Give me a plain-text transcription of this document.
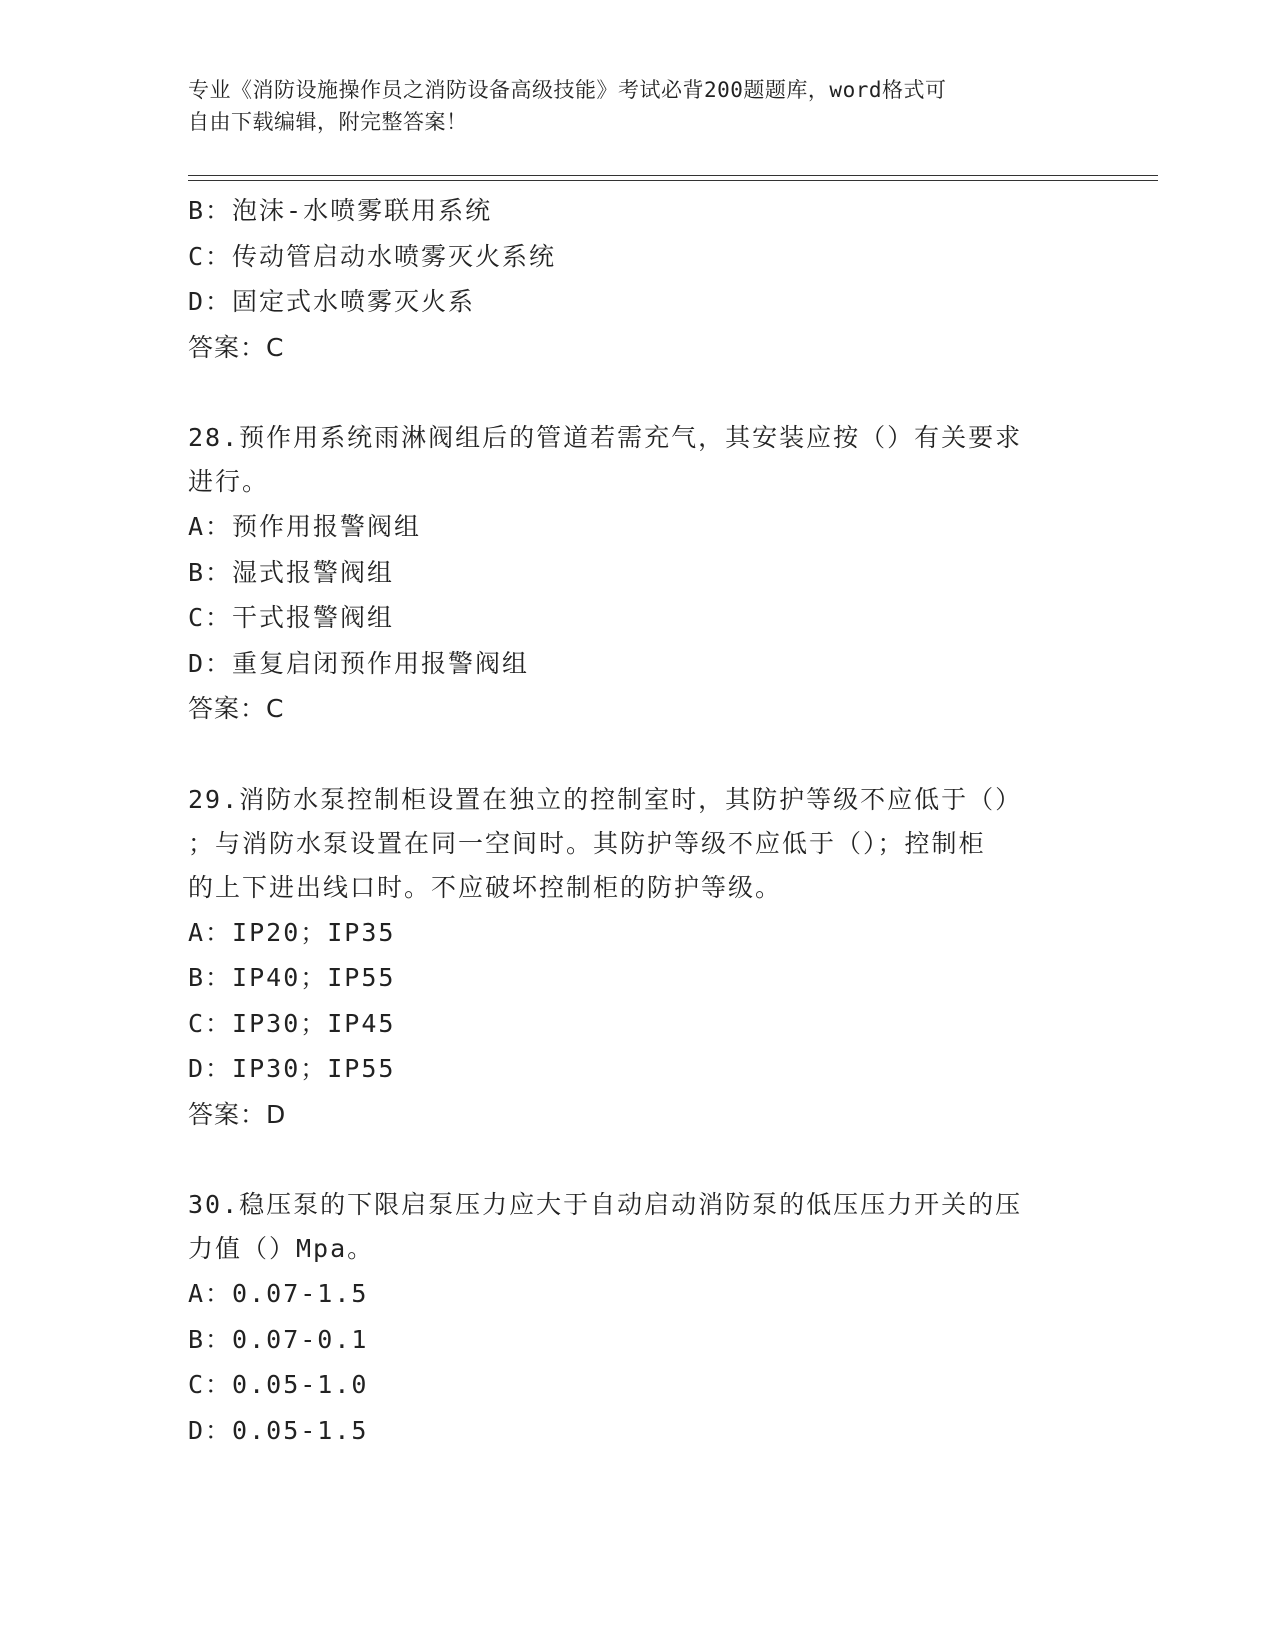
专业《消防设施操作员之消防设备高级技能》考试必背200题题库，word格式可
自由下载编辑，附完整答案！
B：泡沫-水喷雾联用系统
C：传动管启动水喷雾灭火系统
D：固定式水喷雾灭火系
答案：C
28.预作用系统雨淋阀组后的管道若需充气，其安装应按（）有关要求
进行。
A：预作用报警阀组
B：湿式报警阀组
C：干式报警阀组
D：重复启闭预作用报警阀组
答案：C
29.消防水泵控制柜设置在独立的控制室时，其防护等级不应低于（）
；与消防水泵设置在同一空间时。其防护等级不应低于（）；控制柜
的上下进出线口时。不应破坏控制柜的防护等级。
A：IP20；IP35
B：IP40；IP55
C：IP30；IP45
D：IP30；IP55
答案：D
30.稳压泵的下限启泵压力应大于自动启动消防泵的低压压力开关的压
力值（）Mpa。
A：0.07-1.5
B：0.07-0.1
C：0.05-1.0
D：0.05-1.5
